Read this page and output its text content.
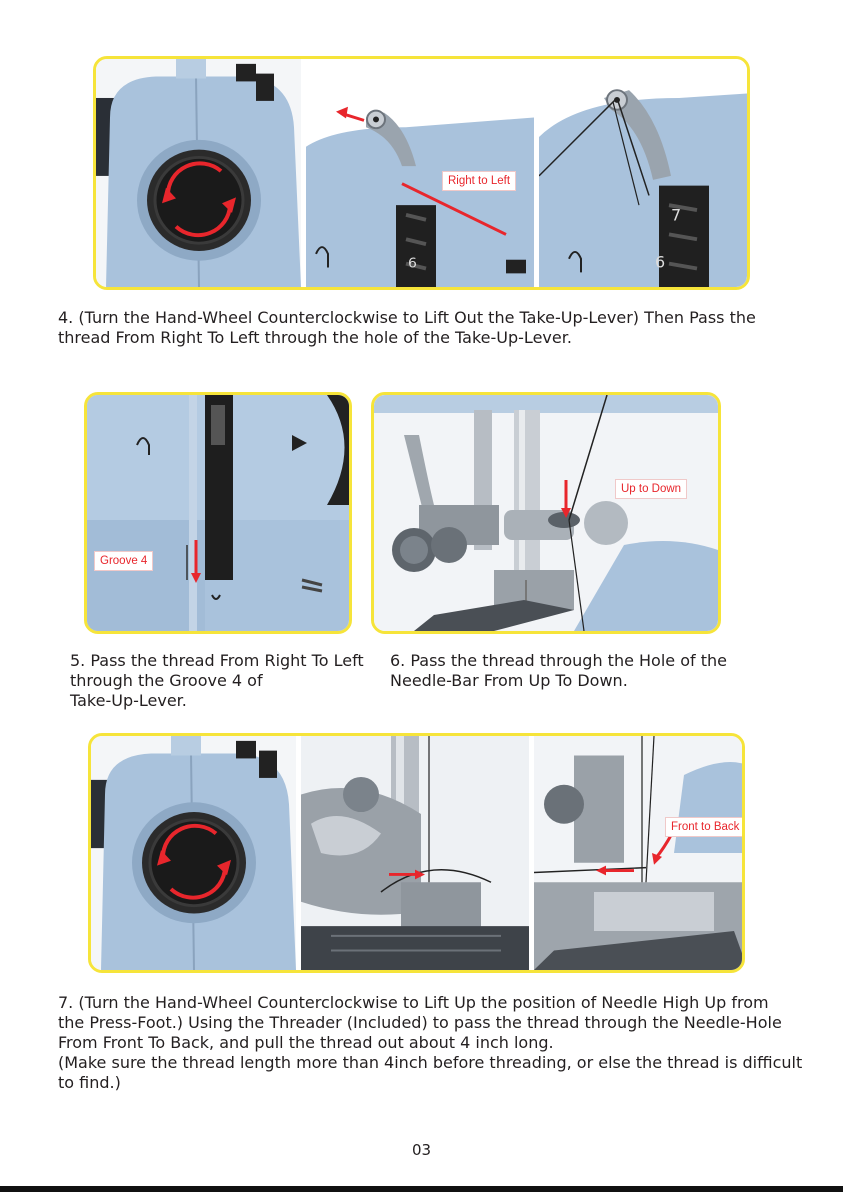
6
7
6
Right to Left

4. (Turn the Hand-Wheel Counterclockwise to Lift Out the Take-Up-Lever) Then Pass the

thread From Right To Left through the hole of the Take-Up-Lever.

Groove 4
Up to Down

5. Pass the thread From Right To Left

through the Groove 4 of

Take-Up-Lever.

6. Pass the thread through the Hole of the

Needle-Bar From Up To Down.

Front to Back

7. (Turn the Hand-Wheel Counterclockwise to Lift Up the position of Needle High Up from

the Press-Foot.) Using the Threader (Included) to pass the thread through the Needle-Hole

From Front To Back, and pull the thread out about 4 inch long.

(Make sure the thread length more than 4inch before threading, or else the thread is difficult

to find.)

03
